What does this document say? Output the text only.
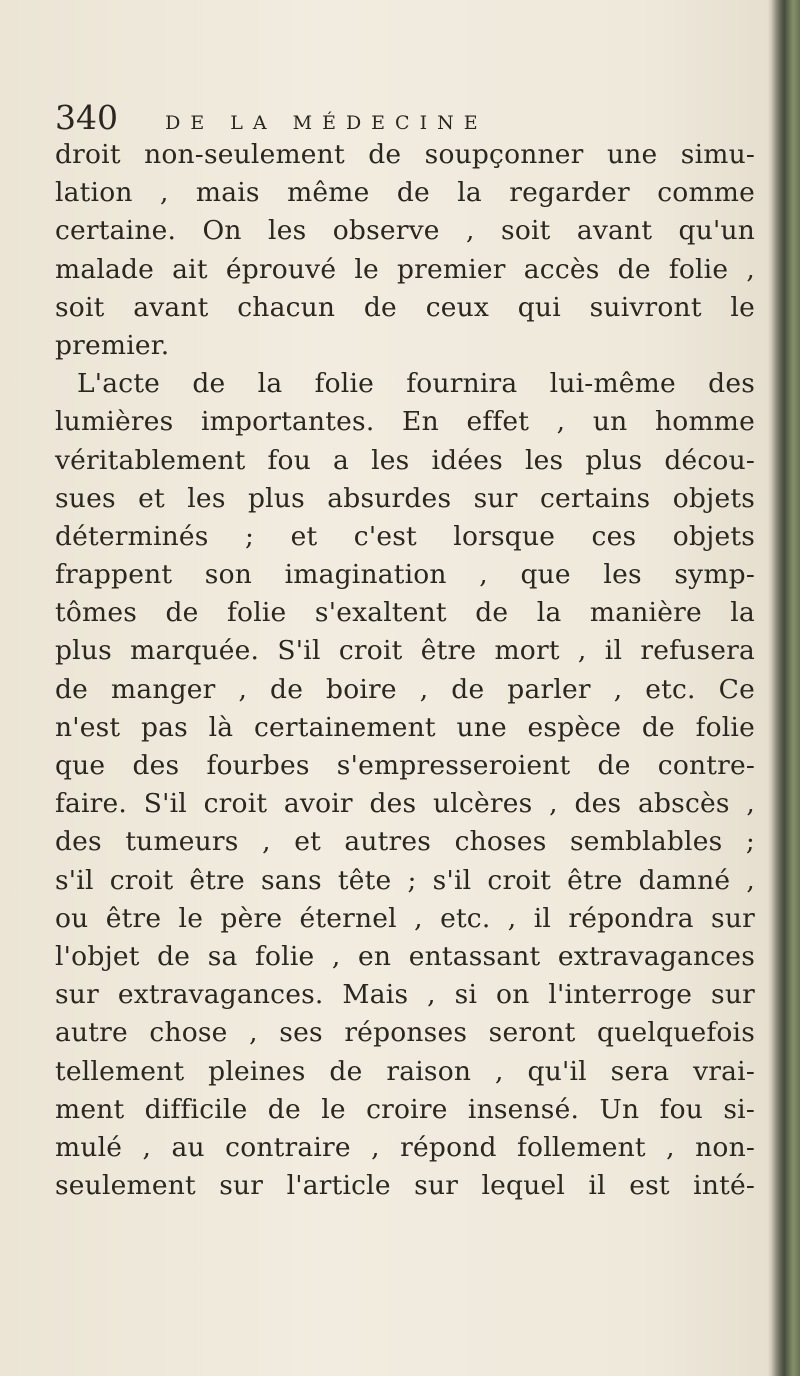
340 DE LA MÉDECINE
droit non-seulement de soupçonner une simu-
lation , mais même de la regarder comme
certaine. On les observe , soit avant qu'un
malade ait éprouvé le premier accès de folie ,
soit avant chacun de ceux qui suivront le
premier.
L'acte de la folie fournira lui-même des
lumières importantes. En effet , un homme
véritablement fou a les idées les plus décou-
sues et les plus absurdes sur certains objets
déterminés ; et c'est lorsque ces objets
frappent son imagination , que les symp-
tômes de folie s'exaltent de la manière la
plus marquée. S'il croit être mort , il refusera
de manger , de boire , de parler , etc. Ce
n'est pas là certainement une espèce de folie
que des fourbes s'empresseroient de contre-
faire. S'il croit avoir des ulcères , des abscès ,
des tumeurs , et autres choses semblables ;
s'il croit être sans tête ; s'il croit être damné ,
ou être le père éternel , etc. , il répondra sur
l'objet de sa folie , en entassant extravagances
sur extravagances. Mais , si on l'interroge sur
autre chose , ses réponses seront quelquefois
tellement pleines de raison , qu'il sera vrai-
ment difficile de le croire insensé. Un fou si-
mulé , au contraire , répond follement , non-
seulement sur l'article sur lequel il est inté-
